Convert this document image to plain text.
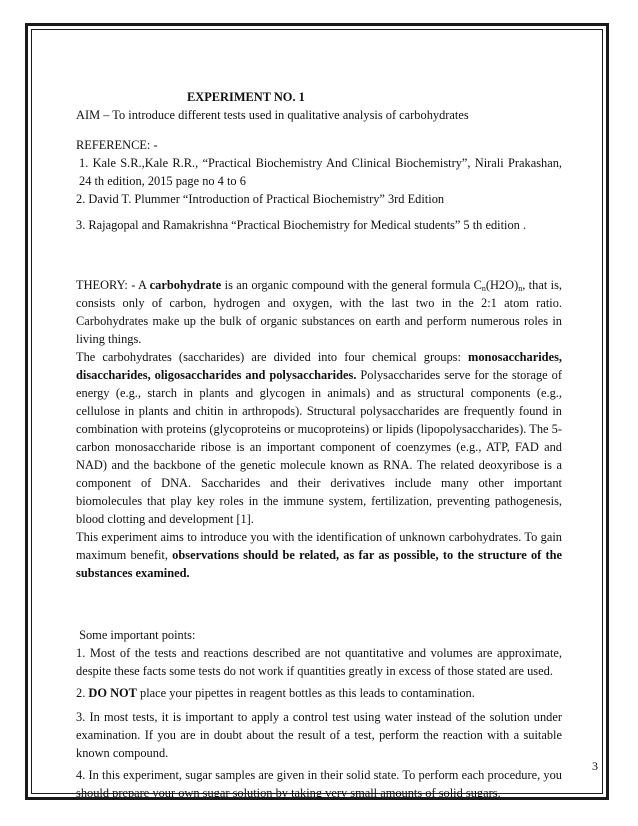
EXPERIMENT NO. 1

AIM – To introduce different tests used in qualitative analysis of carbohydrates

REFERENCE: -

1. Kale S.R.,Kale R.R., “Practical Biochemistry And Clinical Biochemistry”, Nirali Prakashan, 24 th edition, 2015 page no 4 to 6

2. David T. Plummer “Introduction of Practical Biochemistry” 3rd Edition

3. Rajagopal and Ramakrishna “Practical Biochemistry for Medical students” 5 th edition .

THEORY: - A carbohydrate is an organic compound with the general formula $C_n(H2O)_n$, that is, consists only of carbon, hydrogen and oxygen, with the last two in the 2:1 atom ratio. Carbohydrates make up the bulk of organic substances on earth and perform numerous roles in living things.

The carbohydrates (saccharides) are divided into four chemical groups: monosaccharides, disaccharides, oligosaccharides and polysaccharides. Polysaccharides serve for the storage of energy (e.g., starch in plants and glycogen in animals) and as structural components (e.g., cellulose in plants and chitin in arthropods). Structural polysaccharides are frequently found in combination with proteins (glycoproteins or mucoproteins) or lipids (lipopolysaccharides). The 5-carbon monosaccharide ribose is an important component of coenzymes (e.g., ATP, FAD and NAD) and the backbone of the genetic molecule known as RNA. The related deoxyribose is a component of DNA. Saccharides and their derivatives include many other important biomolecules that play key roles in the immune system, fertilization, preventing pathogenesis, blood clotting and development [1].

This experiment aims to introduce you with the identification of unknown carbohydrates. To gain maximum benefit, observations should be related, as far as possible, to the structure of the substances examined.

Some important points:

1. Most of the tests and reactions described are not quantitative and volumes are approximate, despite these facts some tests do not work if quantities greatly in excess of those stated are used.

2. DO NOT place your pipettes in reagent bottles as this leads to contamination.

3. In most tests, it is important to apply a control test using water instead of the solution under examination. If you are in doubt about the result of a test, perform the reaction with a suitable known compound.

4. In this experiment, sugar samples are given in their solid state. To perform each procedure, you should prepare your own sugar solution by taking very small amounts of solid sugars.

3
